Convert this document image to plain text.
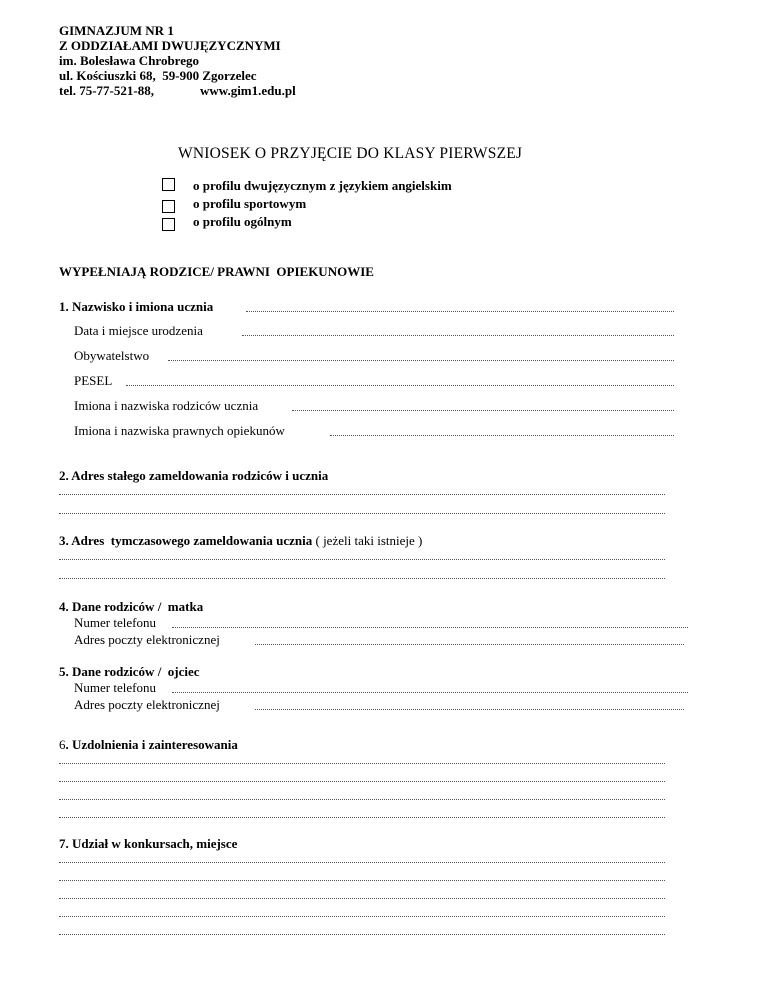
GIMNAZJUM NR 1
Z ODDZIAŁAMI DWUJĘZYCZNYMI
im. Bolesława Chrobrego
ul. Kościuszki 68,  59-900 Zgorzelec
tel. 75-77-521-88,	www.gim1.edu.pl
WNIOSEK O PRZYJĘCIE DO KLASY PIERWSZEJ
o profilu dwujęzycznym z językiem angielskim
o profilu sportowym
o profilu ogólnym
WYPEŁNIAJĄ RODZICE/ PRAWNI  OPIEKUNOWIE
1. Nazwisko i imiona ucznia
Data i miejsce urodzenia
Obywatelstwo
PESEL
Imiona i nazwiska rodziców ucznia
Imiona i nazwiska prawnych opiekunów
2. Adres stałego zameldowania rodziców i ucznia
3. Adres  tymczasowego zameldowania ucznia ( jeżeli taki istnieje )
4. Dane rodziców /  matka
Numer telefonu
Adres poczty elektronicznej
5. Dane rodziców /  ojciec
Numer telefonu
Adres poczty elektronicznej
6. Uzdolnienia i zainteresowania
7. Udział w konkursach, miejsce
